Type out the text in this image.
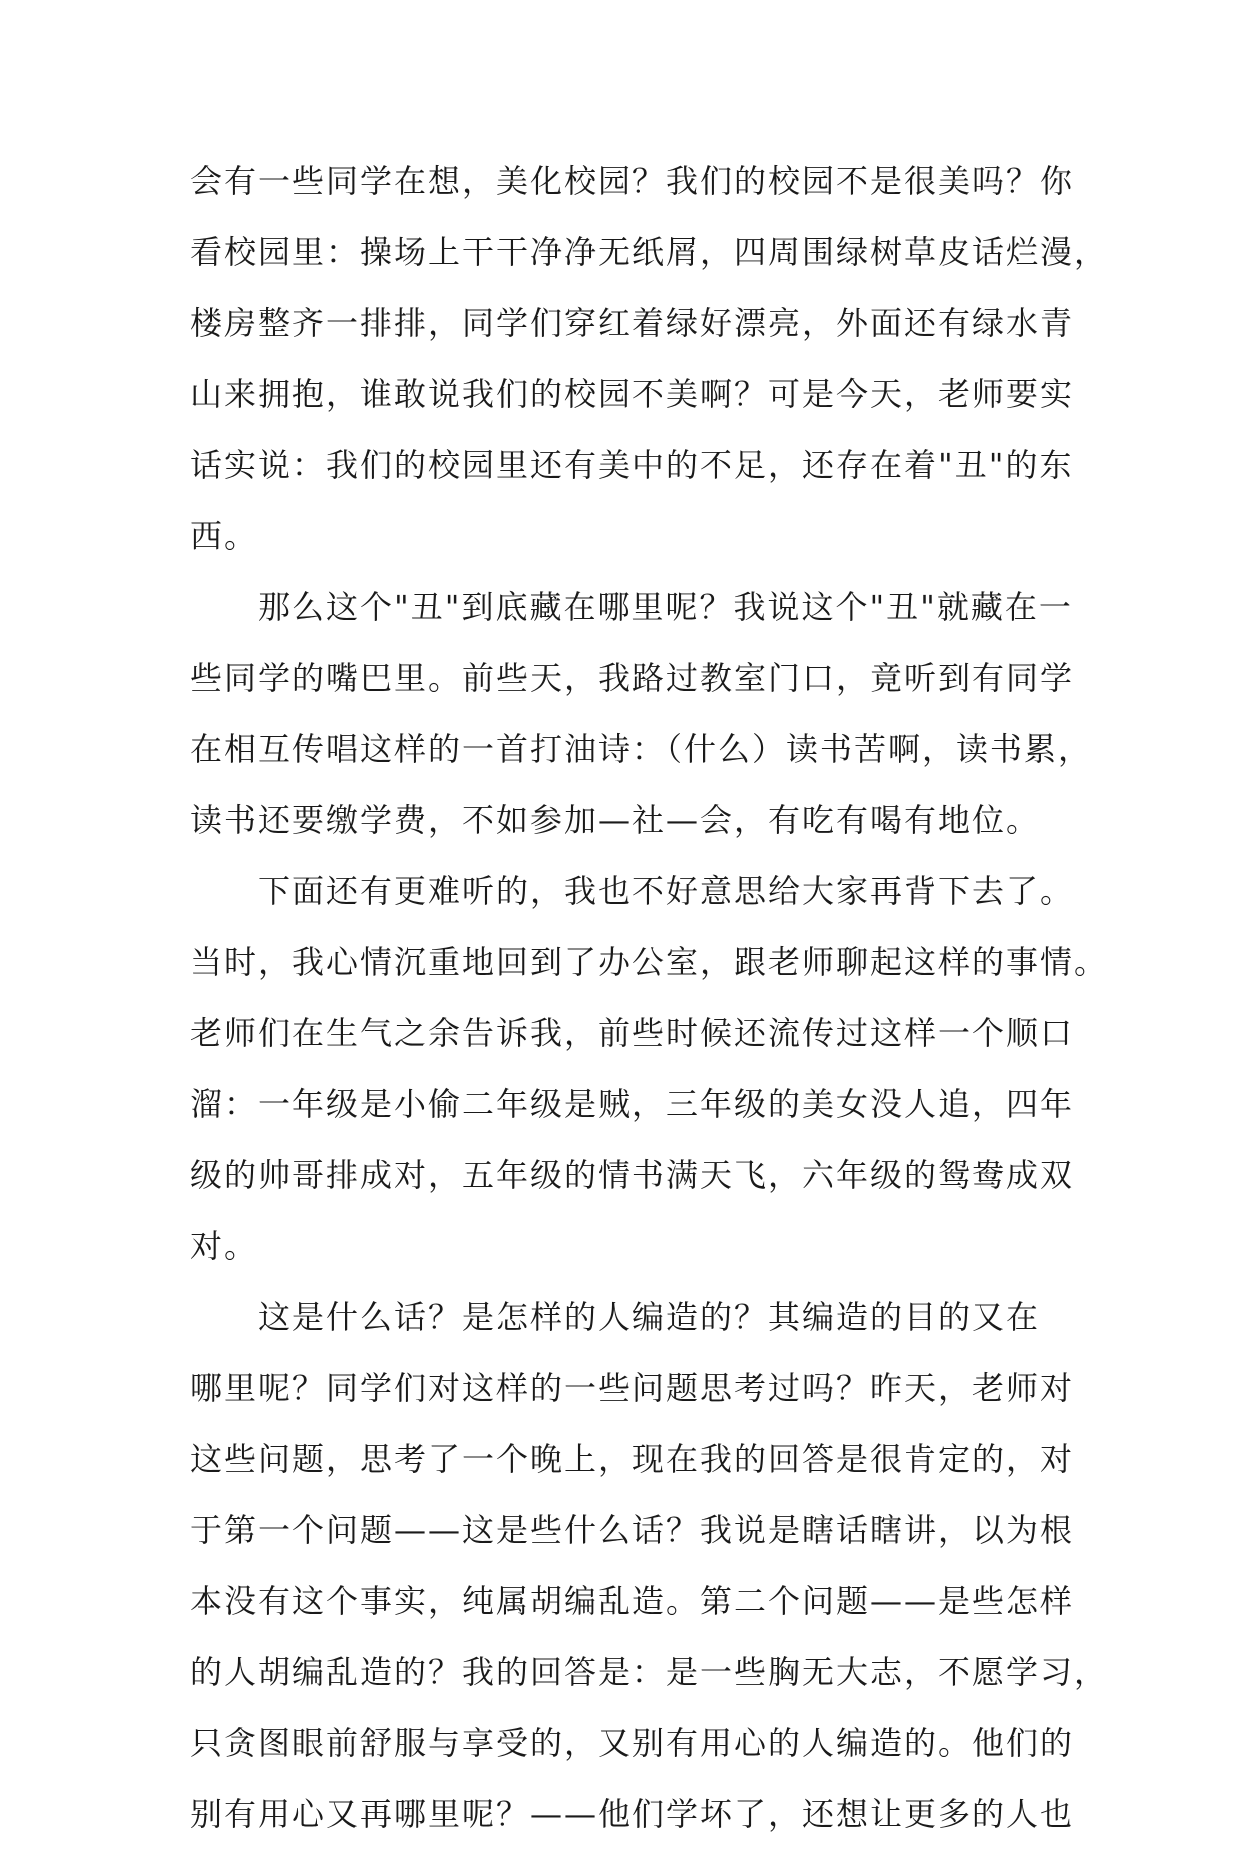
会有一些同学在想，美化校园？我们的校园不是很美吗？你
看校园里：操场上干干净净无纸屑，四周围绿树草皮话烂漫，
楼房整齐一排排，同学们穿红着绿好漂亮，外面还有绿水青
山来拥抱，谁敢说我们的校园不美啊？可是今天，老师要实
话实说：我们的校园里还有美中的不足，还存在着"丑"的东
西。
　　那么这个"丑"到底藏在哪里呢？我说这个"丑"就藏在一
些同学的嘴巴里。前些天，我路过教室门口，竟听到有同学
在相互传唱这样的一首打油诗：（什么）读书苦啊，读书累，
读书还要缴学费，不如参加—社—会，有吃有喝有地位。
　　下面还有更难听的，我也不好意思给大家再背下去了。
当时，我心情沉重地回到了办公室，跟老师聊起这样的事情。
老师们在生气之余告诉我，前些时候还流传过这样一个顺口
溜：一年级是小偷二年级是贼，三年级的美女没人追，四年
级的帅哥排成对，五年级的情书满天飞，六年级的鸳鸯成双
对。
　　这是什么话？是怎样的人编造的？其编造的目的又在
哪里呢？同学们对这样的一些问题思考过吗？昨天，老师对
这些问题，思考了一个晚上，现在我的回答是很肯定的，对
于第一个问题——这是些什么话？我说是瞎话瞎讲，以为根
本没有这个事实，纯属胡编乱造。第二个问题——是些怎样
的人胡编乱造的？我的回答是：是一些胸无大志，不愿学习，
只贪图眼前舒服与享受的，又别有用心的人编造的。他们的
别有用心又再哪里呢？——他们学坏了，还想让更多的人也
